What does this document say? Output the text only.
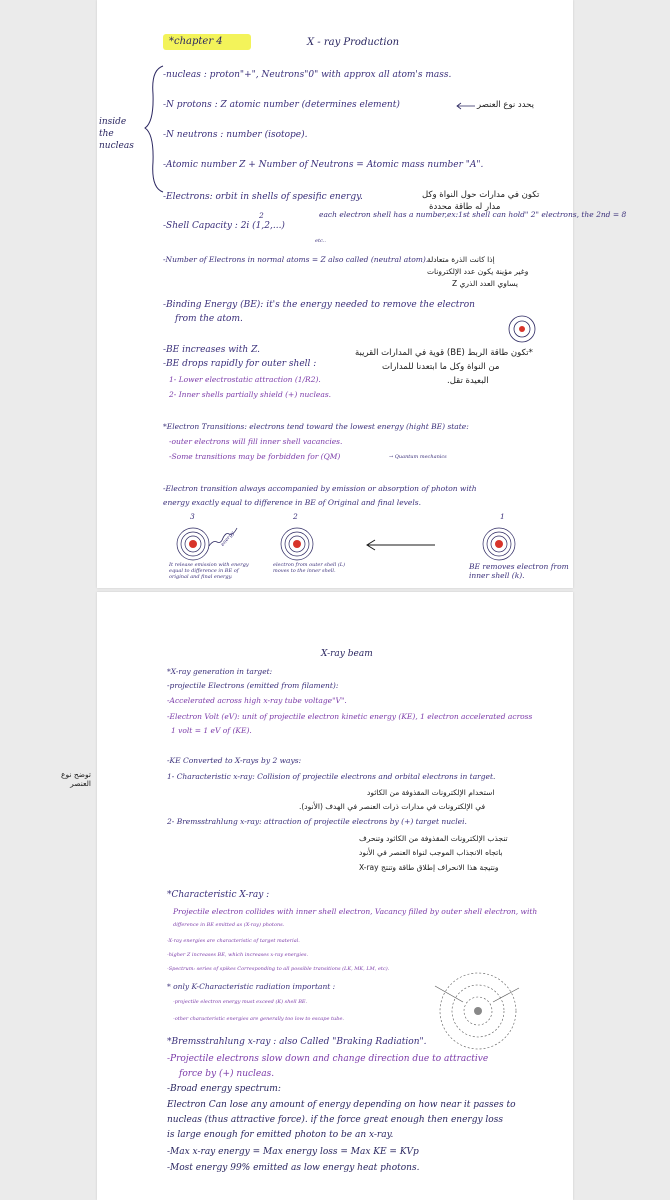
*chapter 4	X - ray Production
inside
the
nucleas
-nucleas : proton"+", Neutrons"0" with approx all atom's mass.
-N protons : Z atomic number (determines element)	يحدد نوع العنصر
-N neutrons : number (isotope).
-Atomic number Z + Number of Neutrons = Atomic mass number "A".
-Electrons: orbit in shells of spesific energy.	تكون في مدارات حول النواة وكل
مدار له طاقة محددة
-Shell Capacity : 2i (1,2,...)
2	each electron shell has a number,ex:1st shell can hold" 2" electrons, the 2nd = 8
etc..
-Number of Electrons in normal atoms = Z also called (neutral atom).
إذا كانت الذرة متعادلة
وغير مؤينة يكون عدد الإلكترونات
يساوي العدد الذري Z
-Binding Energy (BE): it's the energy needed to remove the electron
from the atom.
-BE increases with Z.
-BE drops rapidly for outer shell :
1- Lower electrostatic attraction (1/R2).
2- Inner shells partially shield (+) nucleas.
*تكون طاقة الربط (BE) قوية في المدارات القريبة
من النواة وكل ما ابتعدنا للمدارات
البعيدة تقل.
*Electron Transitions: electrons tend toward the lowest energy (hight BE) state:
-outer electrons will fill inner shell vacancies.
-Some transitions may be forbidden for (QM)	→ Quantum mechanics
-Electron transition always accompanied by emission or absorption of photon with
energy exactly equal to difference in BE of Original and final levels.
3	2	1
energy
It release emission with energy
equal to difference in BE of
original and final energy.
electron from outer shell (L)
moves to the inner shell.	BE removes electron from
inner shell (k).
X-ray beam
*X-ray generation in target:
-projectile Electrons (emitted from filament):
-Accelerated across high x-ray tube voltage"V".
-Electron Volt (eV): unit of projectile electron kinetic energy (KE), 1 electron accelerated across
1 volt = 1 eV of (KE).
-KE Converted to X-rays by 2 ways:
توضح نوع
العنصر
1- Characteristic x-ray: Collision of projectile electrons and orbital electrons in target.
استخدام الإلكترونات المقذوفة من الكاثود
في الإلكترونات في مدارات ذرات العنصر في الهدف (الأنود).
2- Bremsstrahlung x-ray: attraction of projectile electrons by (+) target nuclei.
تنجذب الإلكترونات المقذوفة من الكاثود وتنحرف
باتجاه الانجذاب الموجب لنواة العنصر في الأنود
ونتيجة هذا الانحراف إطلاق طاقة وتنتج X-ray
*Characteristic X-ray :
Projectile electron collides with inner shell electron, Vacancy filled by outer shell electron, with
difference in BE emitted as (X-ray) photons.
-X-ray energies are characteristic of target material.
-higher Z increases BE, which increases x-ray energies.
-Spectrum: series of spikes Corresponding to all possible transitions (LK, MK, LM, etc).
* only K-Characteristic radiation important :
-projectile electron energy must exceed (K) shell BE.
-other characteristic energies are generally too low to escape tube.
*Bremsstrahlung x-ray : also Called "Braking Radiation".
-Projectile electrons slow down and change direction due to attractive
force by (+) nucleas.
-Broad energy spectrum:
Electron Can lose any amount of energy depending on how near it passes to
nucleas (thus attractive force). if the force great enough then energy loss
is large enough for emitted photon to be an x-ray.
-Max x-ray energy = Max energy loss = Max KE = KVp
-Most energy 99% emitted as low energy heat photons.
